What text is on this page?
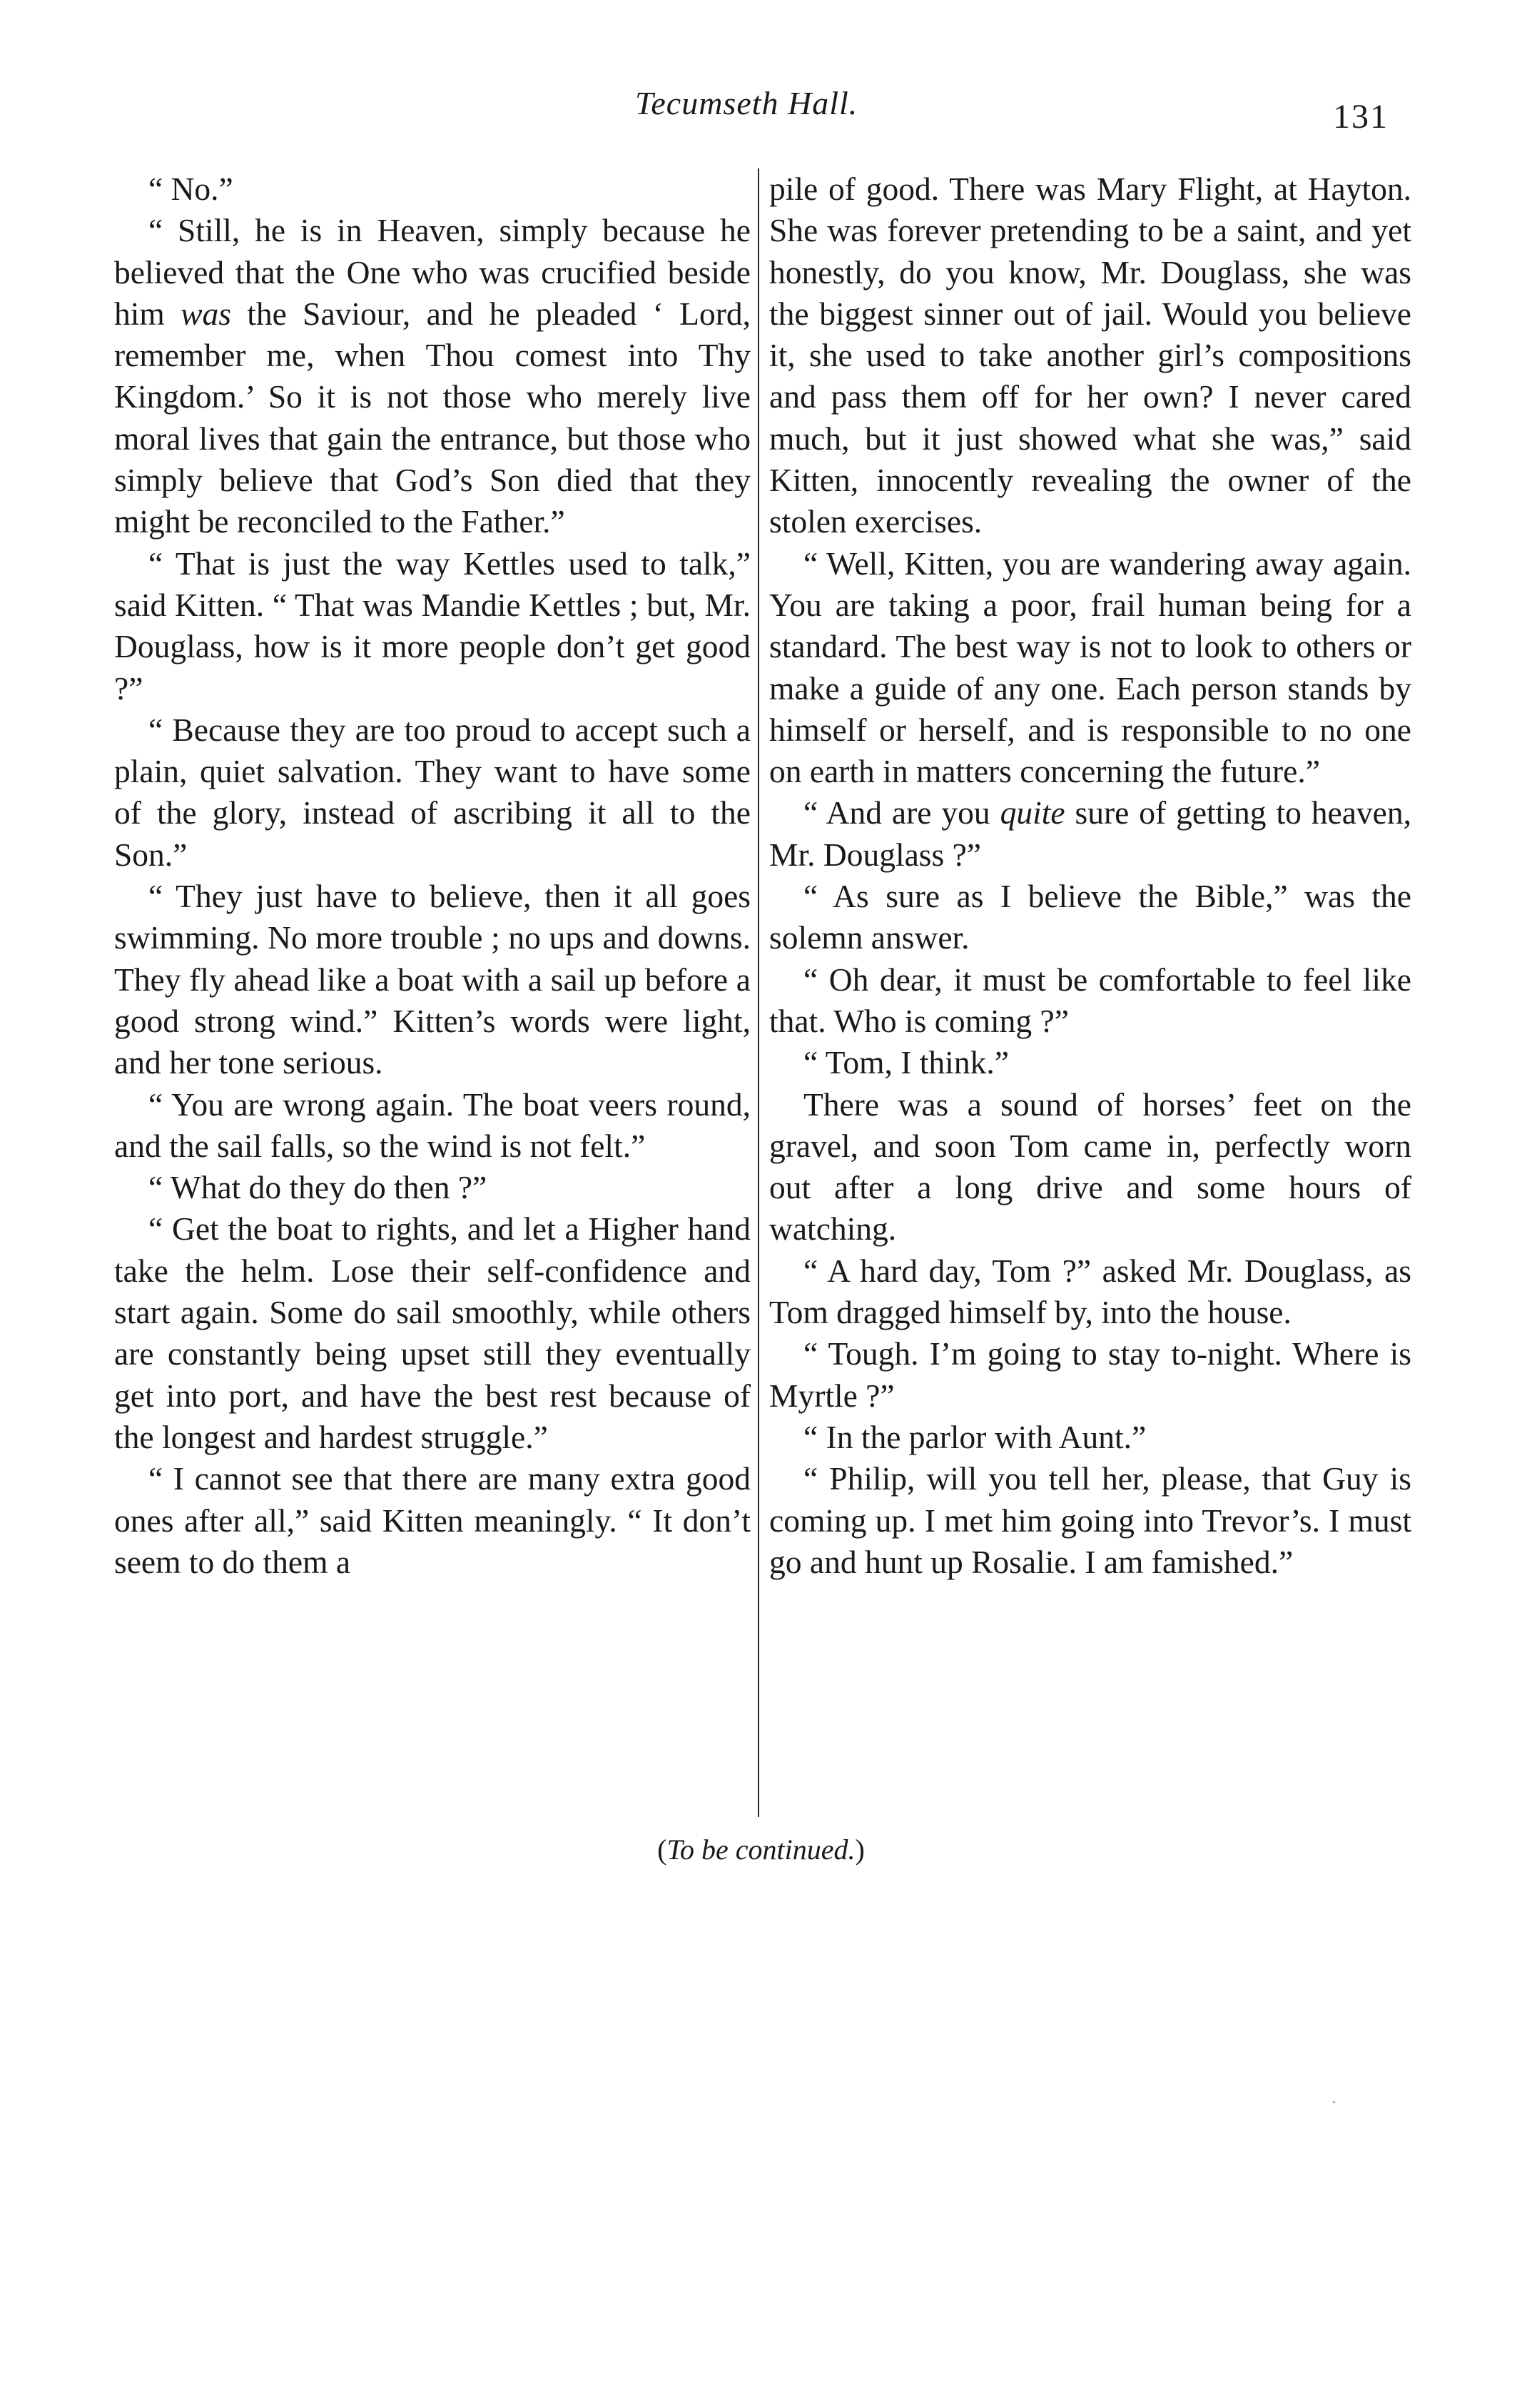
Tecumseth Hall.	131

“ No.”

“ Still, he is in Heaven, simply because he believed that the One who was crucified beside him was the Saviour, and he pleaded ‘ Lord, remember me, when Thou comest into Thy Kingdom.’ So it is not those who merely live moral lives that gain the entrance, but those who simply believe that God’s Son died that they might be reconciled to the Father.”

“ That is just the way Kettles used to talk,” said Kitten. “ That was Mandie Kettles ; but, Mr. Douglass, how is it more people don’t get good ?”

“ Because they are too proud to accept such a plain, quiet salvation. They want to have some of the glory, instead of ascribing it all to the Son.”

“ They just have to believe, then it all goes swimming. No more trouble ; no ups and downs. They fly ahead like a boat with a sail up before a good strong wind.” Kitten’s words were light, and her tone serious.

“ You are wrong again. The boat veers round, and the sail falls, so the wind is not felt.”

“ What do they do then ?”

“ Get the boat to rights, and let a Higher hand take the helm. Lose their self-confidence and start again. Some do sail smoothly, while others are constantly being upset still they eventually get into port, and have the best rest because of the longest and hardest struggle.”

“ I cannot see that there are many extra good ones after all,” said Kitten meaningly. “ It don’t seem to do them a

pile of good. There was Mary Flight, at Hayton. She was forever pretending to be a saint, and yet honestly, do you know, Mr. Douglass, she was the biggest sinner out of jail. Would you believe it, she used to take another girl’s compositions and pass them off for her own? I never cared much, but it just showed what she was,” said Kitten, innocently revealing the owner of the stolen exercises.

“ Well, Kitten, you are wandering away again. You are taking a poor, frail human being for a standard. The best way is not to look to others or make a guide of any one. Each person stands by himself or herself, and is responsible to no one on earth in matters concerning the future.”

“ And are you quite sure of getting to heaven, Mr. Douglass ?”

“ As sure as I believe the Bible,” was the solemn answer.

“ Oh dear, it must be comfortable to feel like that. Who is coming ?”

“ Tom, I think.”

There was a sound of horses’ feet on the gravel, and soon Tom came in, perfectly worn out after a long drive and some hours of watching.

“ A hard day, Tom ?” asked Mr. Douglass, as Tom dragged himself by, into the house.

“ Tough. I’m going to stay to-night. Where is Myrtle ?”

“ In the parlor with Aunt.”

“ Philip, will you tell her, please, that Guy is coming up. I met him going into Trevor’s. I must go and hunt up Rosalie. I am famished.”

(To be continued.)
